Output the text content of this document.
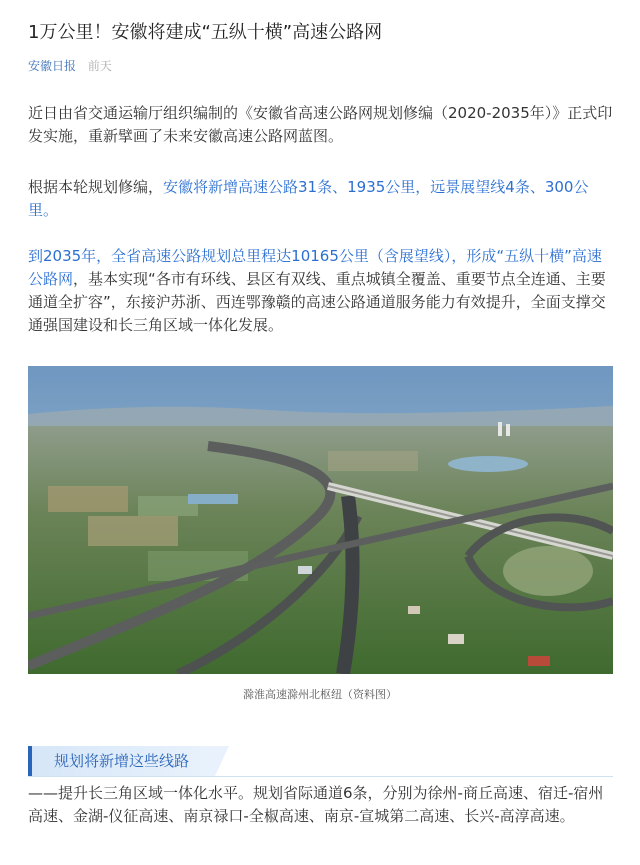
1万公里！安徽将建成“五纵十横”高速公路网
安徽日报 前天

近日由省交通运输厅组织编制的《安徽省高速公路网规划修编（2020-2035年）》正式印发实施，重新擘画了未来安徽高速公路网蓝图。

根据本轮规划修编，安徽将新增高速公路31条、1935公里，远景展望线4条、300公里。

到2035年，全省高速公路规划总里程达10165公里（含展望线），形成“五纵十横”高速公路网，基本实现“各市有环线、县区有双线、重点城镇全覆盖、重要节点全连通、主要通道全扩容”，东接沪苏浙、西连鄂豫赣的高速公路通道服务能力有效提升，全面支撑交通强国建设和长三角区域一体化发展。

滁淮高速滁州北枢纽（资料图）
规划将新增这些线路

——提升长三角区域一体化水平。规划省际通道6条，分别为徐州-商丘高速、宿迁-宿州高速、金湖-仪征高速、南京禄口-全椒高速、南京-宣城第二高速、长兴-高淳高速。
